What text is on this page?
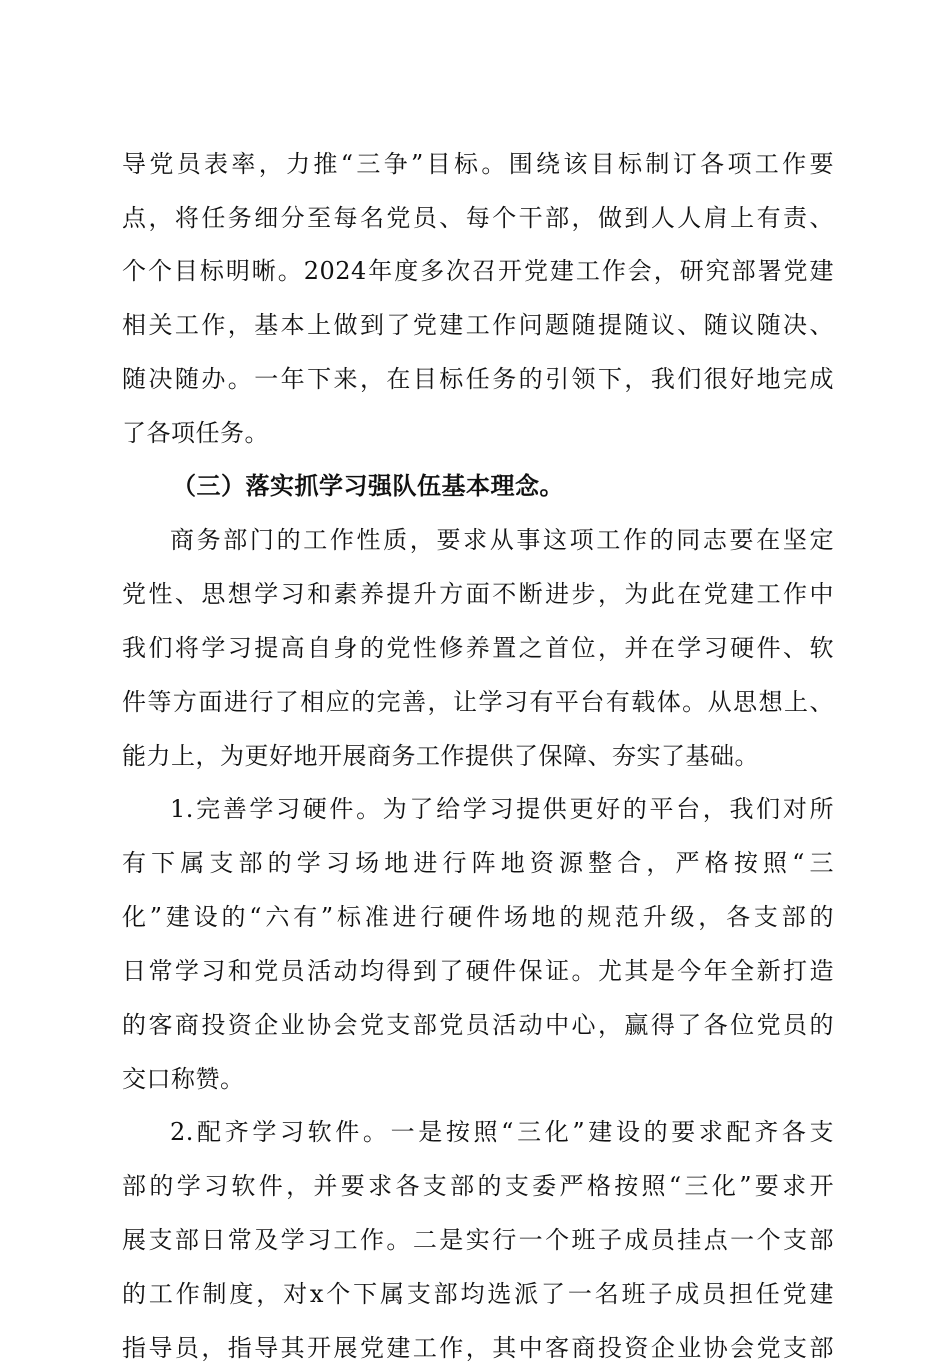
导党员表率，力推“三争”目标。围绕该目标制订各项工作要
点，将任务细分至每名党员、每个干部，做到人人肩上有责、
个个目标明晰。2024年度多次召开党建工作会，研究部署党建
相关工作，基本上做到了党建工作问题随提随议、随议随决、
随决随办。一年下来，在目标任务的引领下，我们很好地完成
了各项任务。
（三）落实抓学习强队伍基本理念。
商务部门的工作性质，要求从事这项工作的同志要在坚定
党性、思想学习和素养提升方面不断进步，为此在党建工作中
我们将学习提高自身的党性修养置之首位，并在学习硬件、软
件等方面进行了相应的完善，让学习有平台有载体。从思想上、
能力上，为更好地开展商务工作提供了保障、夯实了基础。
1.完善学习硬件。为了给学习提供更好的平台，我们对所
有下属支部的学习场地进行阵地资源整合，严格按照“三
化”建设的“六有”标准进行硬件场地的规范升级，各支部的
日常学习和党员活动均得到了硬件保证。尤其是今年全新打造
的客商投资企业协会党支部党员活动中心，赢得了各位党员的
交口称赞。
2.配齐学习软件。一是按照“三化”建设的要求配齐各支
部的学习软件，并要求各支部的支委严格按照“三化”要求开
展支部日常及学习工作。二是实行一个班子成员挂点一个支部
的工作制度，对x个下属支部均选派了一名班子成员担任党建
指导员，指导其开展党建工作，其中客商投资企业协会党支部
